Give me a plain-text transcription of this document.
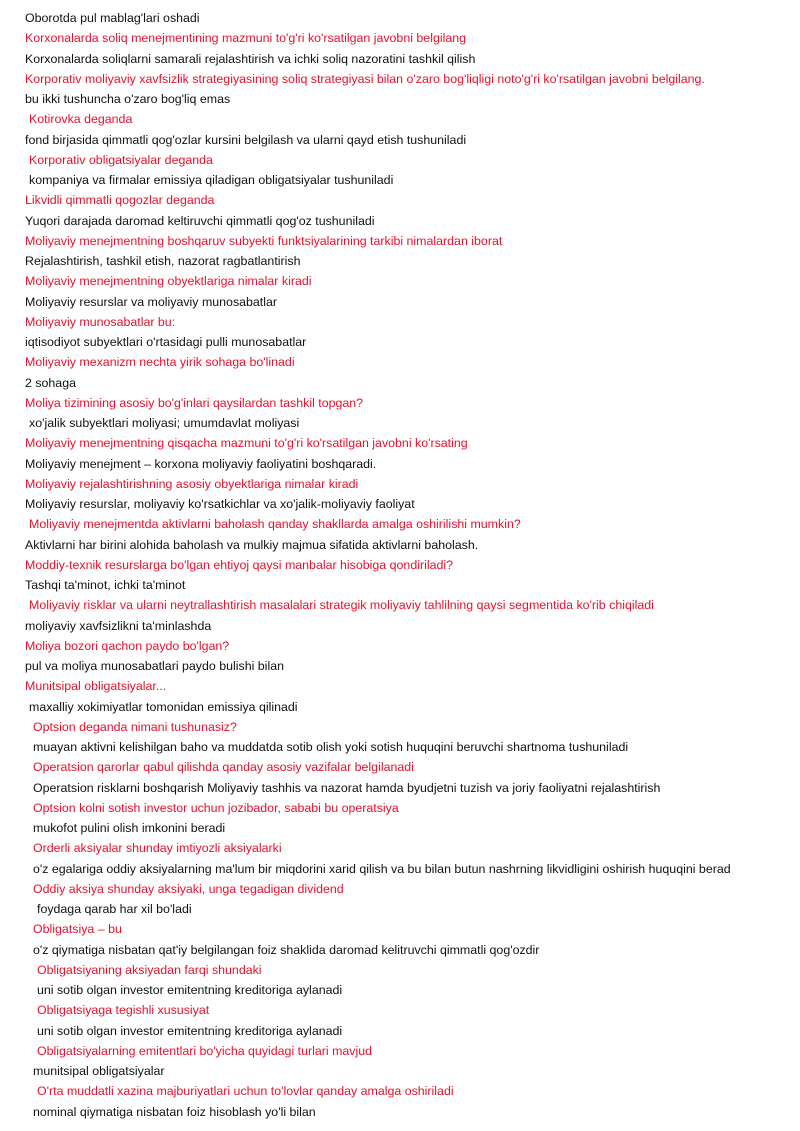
Oborotda pul mablag'lari oshadi
Korxonalarda soliq menejmentining mazmuni to'g'ri ko'rsatilgan javobni belgilang
Korxonalarda soliqlarni samarali rejalashtirish va ichki soliq nazoratini tashkil qilish
Korporativ moliyaviy xavfsizlik strategiyasining soliq strategiyasi bilan o'zaro bog'liqligi noto'g'ri ko'rsatilgan javobni belgilang.
bu ikki tushuncha o'zaro bog'liq emas
Kotirovka deganda
fond birjasida qimmatli qog'ozlar kursini belgilash va ularni qayd etish tushuniladi
Korporativ obligatsiyalar deganda
kompaniya va firmalar emissiya qiladigan obligatsiyalar tushuniladi
Likvidli qimmatli qogozlar deganda
Yuqori darajada daromad keltiruvchi qimmatli qog'oz tushuniladi
Moliyaviy menejmentning boshqaruv subyekti funktsiyalarining tarkibi nimalardan iborat
Rejalashtirish, tashkil etish, nazorat ragbatlantirish
Moliyaviy menejmentning obyektlariga nimalar kiradi
Moliyaviy resurslar va moliyaviy munosabatlar
Moliyaviy munosabatlar bu:
iqtisodiyot subyektlari o'rtasidagi pulli munosabatlar
Moliyaviy mexanizm nechta yirik sohaga bo'linadi
2 sohaga
Moliya tizimining asosiy bo'g'inlari qaysilardan tashkil topgan?
xo'jalik subyektlari moliyasi; umumdavlat moliyasi
Moliyaviy menejmentning qisqacha mazmuni to'g'ri ko'rsatilgan javobni ko'rsating
Moliyaviy menejment – korxona moliyaviy faoliyatini boshqaradi.
Moliyaviy rejalashtirishning asosiy obyektlariga nimalar kiradi
Moliyaviy resurslar, moliyaviy ko'rsatkichlar va xo'jalik-moliyaviy faoliyat
Moliyaviy menejmentda aktivlarni baholash qanday shakllarda amalga oshirilishi mumkin?
Aktivlarni har birini alohida baholash va mulkiy majmua sifatida aktivlarni baholash.
Moddiy-texnik resurslarga bo'lgan ehtiyoj qaysi manbalar hisobiga qondiriladi?
Tashqi ta'minot, ichki ta'minot
Moliyaviy risklar va ularni neytrallashtirish masalalari strategik moliyaviy tahlilning qaysi segmentida ko'rib chiqiladi
moliyaviy xavfsizlikni ta'minlashda
Moliya bozori qachon paydo bo'lgan?
pul va moliya munosabatlari paydo bulishi bilan
Munitsipal obligatsiyalar...
maxalliy xokimiyatlar tomonidan emissiya qilinadi
Optsion deganda nimani tushunasiz?
muayan aktivni kelishilgan baho va muddatda sotib olish yoki sotish huquqini beruvchi shartnoma tushuniladi
Operatsion qarorlar qabul qilishda qanday asosiy vazifalar belgilanadi
Operatsion risklarni boshqarish Moliyaviy tashhis va nazorat hamda byudjetni tuzish va joriy faoliyatni rejalashtirish
Optsion kolni sotish investor uchun jozibador, sababi bu operatsiya
mukofot pulini olish imkonini beradi
Orderli aksiyalar shunday imtiyozli aksiyalarki
o'z egalariga oddiy aksiyalarning ma'lum bir miqdorini xarid qilish va bu bilan butun nashrning likvidligini oshirish huquqini berad
Oddiy aksiya shunday aksiyaki, unga tegadigan dividend
foydaga qarab har xil bo'ladi
Obligatsiya – bu
o'z qiymatiga nisbatan qat'iy belgilangan foiz shaklida daromad kelitruvchi qimmatli qog'ozdir
Obligatsiyaning aksiyadan farqi shundaki
uni sotib olgan investor emitentning kreditoriga aylanadi
Obligatsiyaga tegishli xususiyat
uni sotib olgan investor emitentning kreditoriga aylanadi
Obligatsiyalarning emitentlari bo'yicha quyidagi turlari mavjud
munitsipal obligatsiyalar
O'rta muddatli xazina majburiyatlari uchun to'lovlar qanday amalga oshiriladi
nominal qiymatiga nisbatan foiz hisoblash yo'li bilan
